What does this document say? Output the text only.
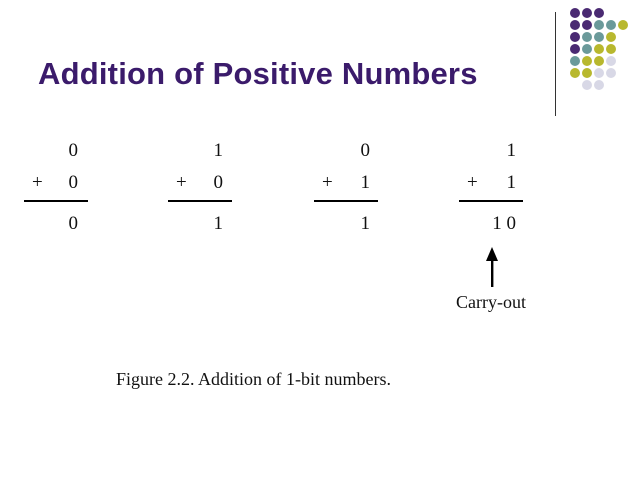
Addition of Positive Numbers
0
+	0
0
1
+	0
1
0
+	1
1
1
+	1
1 0
Carry-out
Figure 2.2. Addition of 1-bit numbers.
